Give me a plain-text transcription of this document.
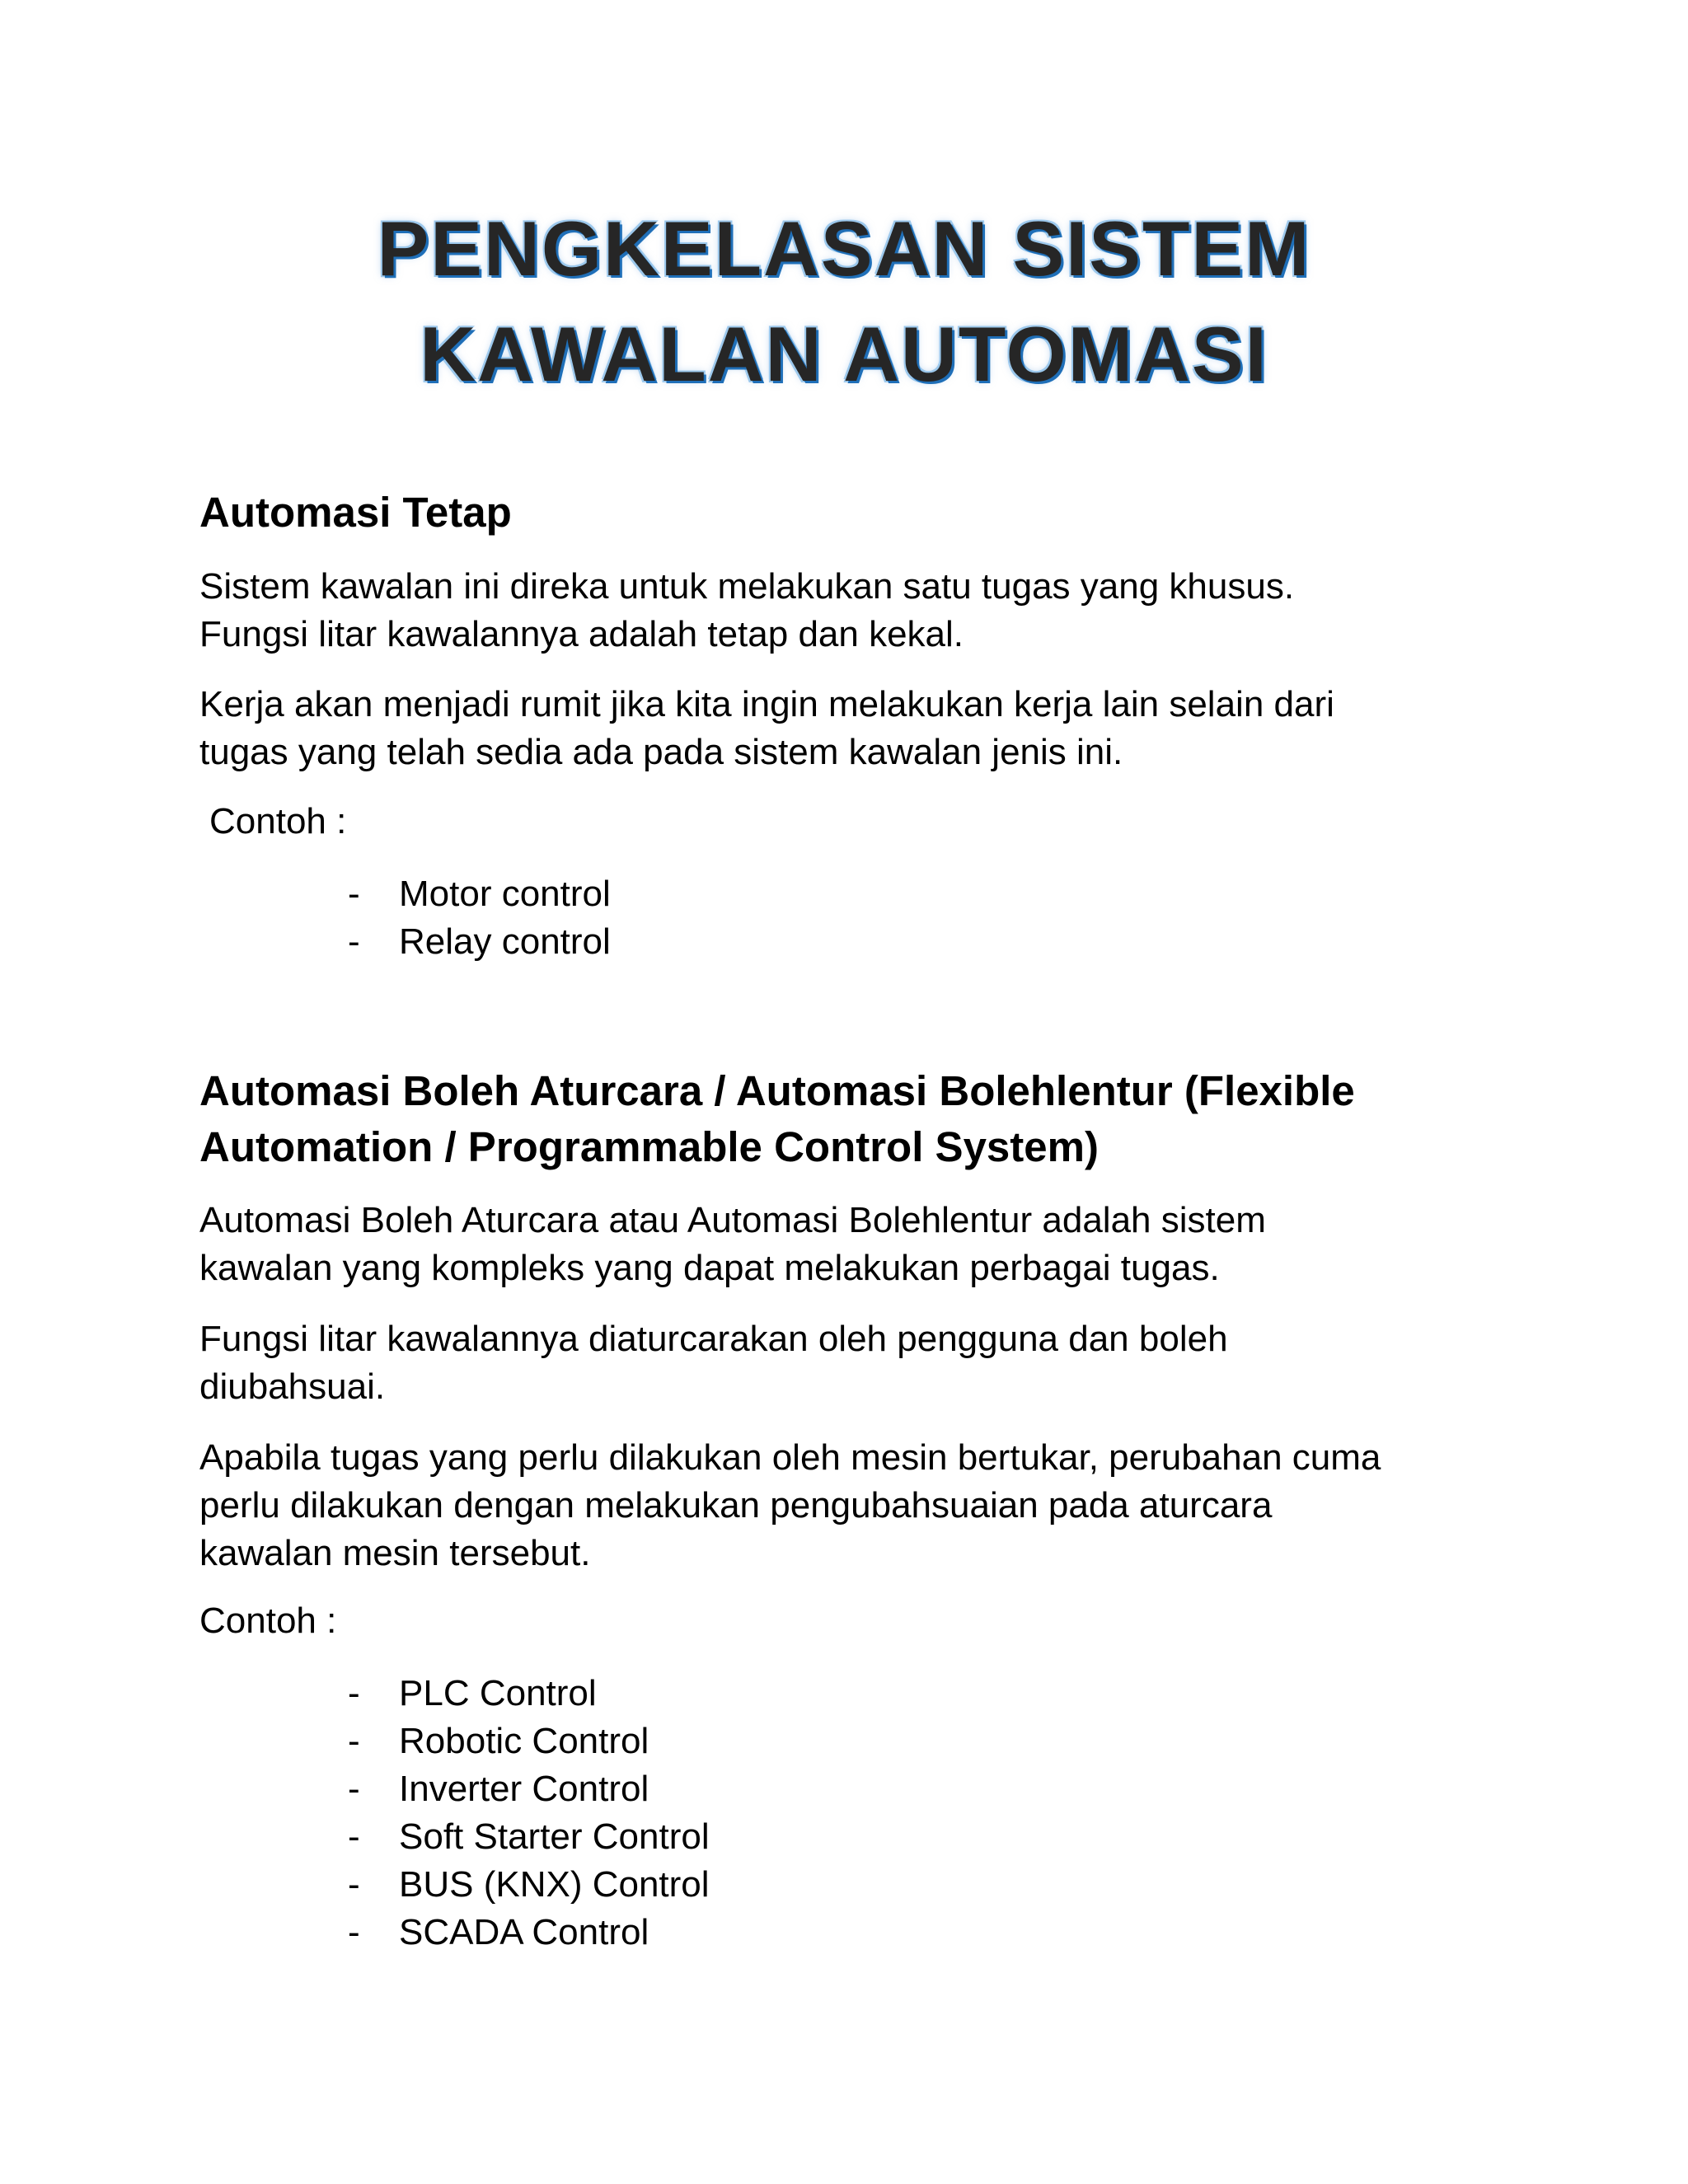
PENGKELASAN SISTEM
KAWALAN AUTOMASI
Automasi Tetap

Sistem kawalan ini direka untuk melakukan satu tugas yang khusus.

Fungsi litar kawalannya adalah tetap dan kekal.

Kerja akan menjadi rumit jika kita ingin melakukan kerja lain selain dari

tugas yang telah sedia ada pada sistem kawalan jenis ini.

Contoh :
- Motor control
- Relay control
Automasi Boleh Aturcara / Automasi Bolehlentur (Flexible
Automation / Programmable Control System)

Automasi Boleh Aturcara atau Automasi Bolehlentur adalah sistem

kawalan yang kompleks yang dapat melakukan perbagai tugas.

Fungsi litar kawalannya diaturcarakan oleh pengguna dan boleh

diubahsuai.

Apabila tugas yang perlu dilakukan oleh mesin bertukar, perubahan cuma

perlu dilakukan dengan melakukan pengubahsuaian pada aturcara

kawalan mesin tersebut.

Contoh :
- PLC Control
- Robotic Control
- Inverter Control
- Soft Starter Control
- BUS (KNX) Control
- SCADA Control
